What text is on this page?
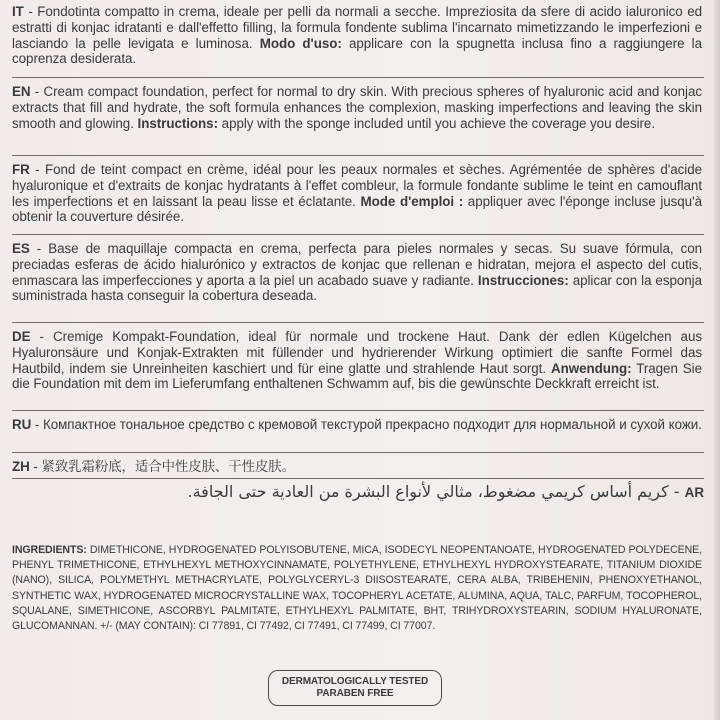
IT - Fondotinta compatto in crema, ideale per pelli da normali a secche. Impreziosita da sfere di acido ialuronico ed estratti di konjac idratanti e dall'effetto filling, la formula fondente sublima l'incarnato mimetizzando le imperfezioni e lasciando la pelle levigata e luminosa. Modo d'uso: applicare con la spugnetta inclusa fino a raggiungere la coprenza desiderata.
EN - Cream compact foundation, perfect for normal to dry skin. With precious spheres of hyaluronic acid and konjac extracts that fill and hydrate, the soft formula enhances the complexion, masking imperfections and leaving the skin smooth and glowing. Instructions: apply with the sponge included until you achieve the coverage you desire.
FR - Fond de teint compact en crème, idéal pour les peaux normales et sèches. Agrémentée de sphères d'acide hyaluronique et d'extraits de konjac hydratants à l'effet combleur, la formule fondante sublime le teint en camouflant les imperfections et en laissant la peau lisse et éclatante. Mode d'emploi : appliquer avec l'éponge incluse jusqu'à obtenir la couverture désirée.
ES - Base de maquillaje compacta en crema, perfecta para pieles normales y secas. Su suave fórmula, con preciadas esferas de ácido hialurónico y extractos de konjac que rellenan e hidratan, mejora el aspecto del cutis, enmascara las imperfecciones y aporta a la piel un acabado suave y radiante. Instrucciones: aplicar con la esponja suministrada hasta conseguir la cobertura deseada.
DE - Cremige Kompakt-Foundation, ideal für normale und trockene Haut. Dank der edlen Kügelchen aus Hyaluronsäure und Konjak-Extrakten mit füllender und hydrierender Wirkung optimiert die sanfte Formel das Hautbild, indem sie Unreinheiten kaschiert und für eine glatte und strahlende Haut sorgt. Anwendung: Tragen Sie die Foundation mit dem im Lieferumfang enthaltenen Schwamm auf, bis die gewünschte Deckkraft erreicht ist.
RU - Компактное тональное средство с кремовой текстурой прекрасно подходит для нормальной и сухой кожи.
ZH - 紧致乳霜粉底，适合中性皮肤、干性皮肤。
كريم أساس كريمي مضغوط، مثالي لأنواع البشرة من العادية حتى الجافة. - AR
INGREDIENTS: DIMETHICONE, HYDROGENATED POLYISOBUTENE, MICA, ISODECYL NEOPENTANOATE, HYDROGENATED POLYDECENE, PHENYL TRIMETHICONE, ETHYLHEXYL METHOXYCINNAMATE, POLYETHYLENE, ETHYLHEXYL HYDROXYSTEARATE, TITANIUM DIOXIDE (NANO), SILICA, POLYMETHYL METHACRYLATE, POLYGLYCERYL-3 DIISOSTEARATE, CERA ALBA, TRIBEHENIN, PHENOXYETHANOL, SYNTHETIC WAX, HYDROGENATED MICROCRYSTALLINE WAX, TOCOPHERYL ACETATE, ALUMINA, AQUA, TALC, PARFUM, TOCOPHEROL, SQUALANE, SIMETHICONE, ASCORBYL PALMITATE, ETHYLHEXYL PALMITATE, BHT, TRIHYDROXYSTEARIN, SODIUM HYALURONATE, GLUCOMANNAN. +/- (MAY CONTAIN): CI 77891, CI 77492, CI 77491, CI 77499, CI 77007.
DERMATOLOGICALLY TESTED
PARABEN FREE
